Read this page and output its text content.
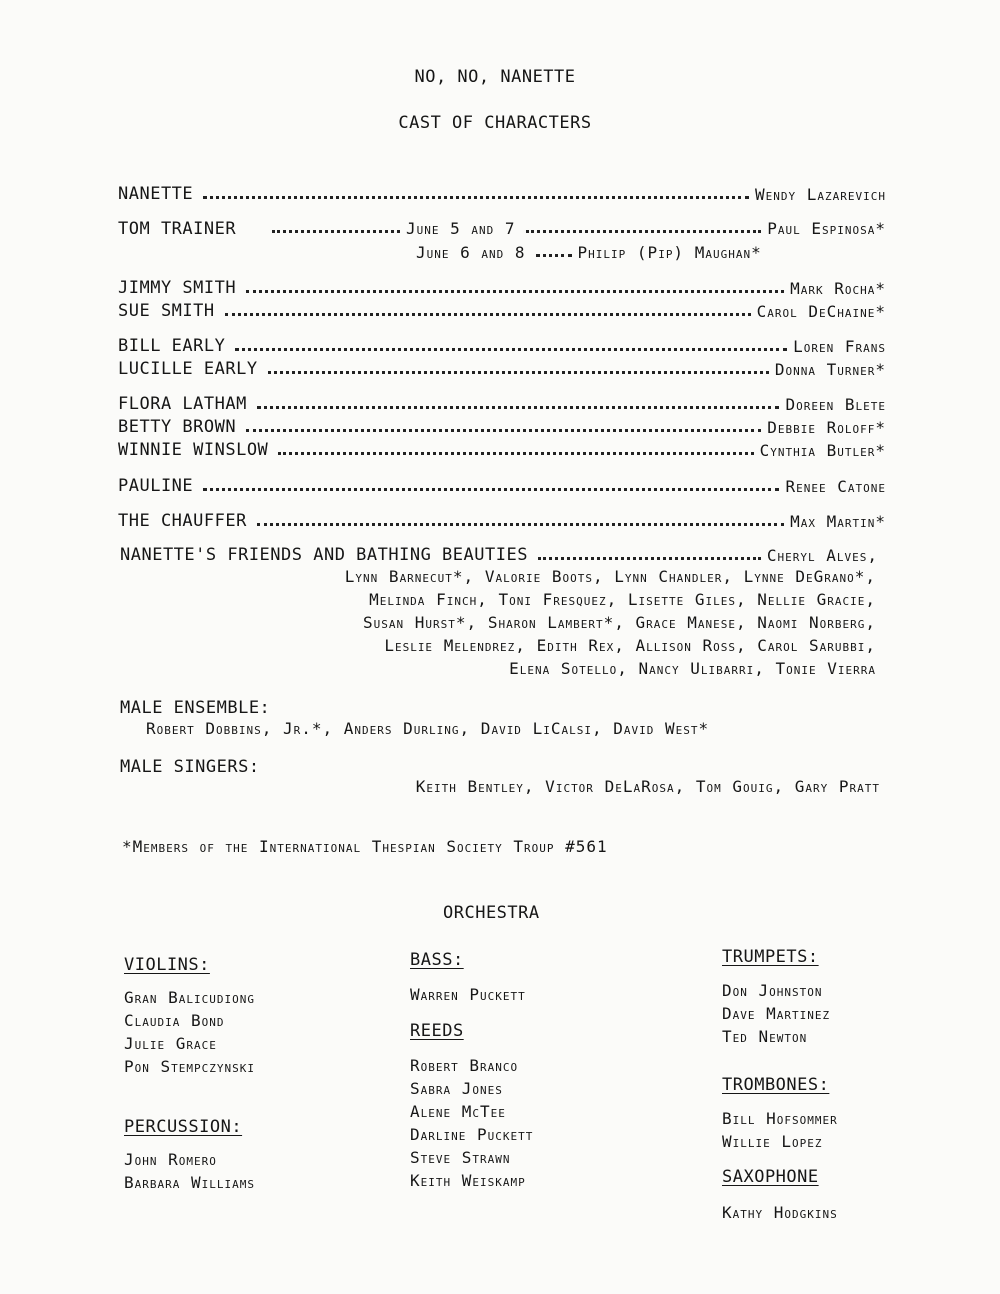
NO, NO, NANETTE
CAST OF CHARACTERS
NANETTE	Wendy Lazarevich
TOM TRAINER	June 5 and 7	Paul Espinosa*
June 6 and 8	Philip (Pip) Maughan*
JIMMY SMITH	Mark Rocha*
SUE SMITH	Carol DeChaine*
BILL EARLY	Loren Frans
LUCILLE EARLY	Donna Turner*
FLORA LATHAM	Doreen Blete
BETTY BROWN	Debbie Roloff*
WINNIE WINSLOW	Cynthia Butler*
PAULINE	Renee Catone
THE CHAUFFER	Max Martin*
NANETTE'S FRIENDS AND BATHING BEAUTIES	Cheryl Alves,
Lynn Barnecut*, Valorie Boots, Lynn Chandler, Lynne DeGrano*,
Melinda Finch, Toni Fresquez, Lisette Giles, Nellie Gracie,
Susan Hurst*, Sharon Lambert*, Grace Manese, Naomi Norberg,
Leslie Melendrez, Edith Rex, Allison Ross, Carol Sarubbi,
Elena Sotello, Nancy Ulibarri, Tonie Vierra
MALE ENSEMBLE:
Robert Dobbins, Jr.*, Anders Durling, David LiCalsi, David West*
MALE SINGERS:
Keith Bentley, Victor DeLaRosa, Tom Gouig, Gary Pratt
*Members of the International Thespian Society Troup #561
ORCHESTRA
VIOLINS:
Gran Balicudiong
Claudia Bond
Julie Grace
Pon Stempczynski
PERCUSSION:
John Romero
Barbara Williams
BASS:
Warren Puckett
REEDS
Robert Branco
Sabra Jones
Alene McTee
Darline Puckett
Steve Strawn
Keith Weiskamp
TRUMPETS:
Don Johnston
Dave Martinez
Ted Newton
TROMBONES:
Bill Hofsommer
Willie Lopez
SAXOPHONE
Kathy Hodgkins
